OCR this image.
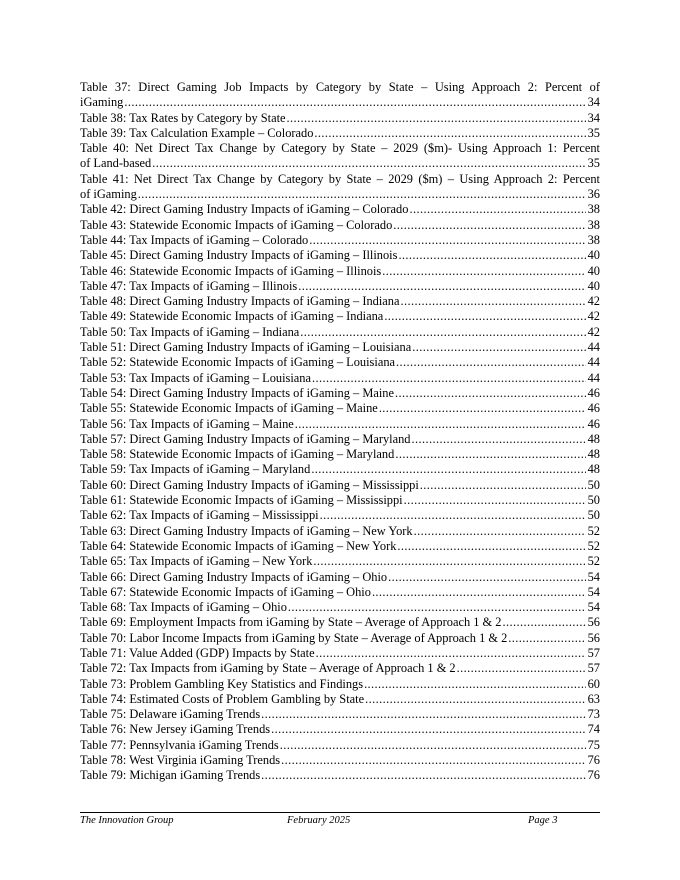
Table 37: Direct Gaming Job Impacts by Category by State – Using Approach 2: Percent of
iGaming .....	34
Table 38: Tax Rates by Category by State .....	34
Table 39: Tax Calculation Example – Colorado .....	35
Table 40: Net Direct Tax Change by Category by State – 2029 ($m)- Using Approach 1: Percent
of Land-based .....	35
Table 41: Net Direct Tax Change by Category by State – 2029 ($m) – Using Approach 2: Percent
of iGaming .....	36
Table 42: Direct Gaming Industry Impacts of iGaming – Colorado .....	38
Table 43: Statewide Economic Impacts of iGaming – Colorado .....	38
Table 44: Tax Impacts of iGaming – Colorado .....	38
Table 45: Direct Gaming Industry Impacts of iGaming – Illinois .....	40
Table 46: Statewide Economic Impacts of iGaming – Illinois .....	40
Table 47: Tax Impacts of iGaming – Illinois .....	40
Table 48: Direct Gaming Industry Impacts of iGaming – Indiana .....	42
Table 49: Statewide Economic Impacts of iGaming – Indiana .....	42
Table 50: Tax Impacts of iGaming – Indiana .....	42
Table 51: Direct Gaming Industry Impacts of iGaming – Louisiana .....	44
Table 52: Statewide Economic Impacts of iGaming – Louisiana .....	44
Table 53: Tax Impacts of iGaming – Louisiana .....	44
Table 54: Direct Gaming Industry Impacts of iGaming – Maine .....	46
Table 55: Statewide Economic Impacts of iGaming – Maine .....	46
Table 56: Tax Impacts of iGaming – Maine .....	46
Table 57: Direct Gaming Industry Impacts of iGaming – Maryland .....	48
Table 58: Statewide Economic Impacts of iGaming – Maryland .....	48
Table 59: Tax Impacts of iGaming – Maryland .....	48
Table 60: Direct Gaming Industry Impacts of iGaming – Mississippi .....	50
Table 61: Statewide Economic Impacts of iGaming – Mississippi .....	50
Table 62: Tax Impacts of iGaming – Mississippi .....	50
Table 63: Direct Gaming Industry Impacts of iGaming – New York .....	52
Table 64: Statewide Economic Impacts of iGaming – New York .....	52
Table 65: Tax Impacts of iGaming – New York .....	52
Table 66: Direct Gaming Industry Impacts of iGaming – Ohio .....	54
Table 67: Statewide Economic Impacts of iGaming – Ohio .....	54
Table 68: Tax Impacts of iGaming – Ohio .....	54
Table 69: Employment Impacts from iGaming by State – Average of Approach 1 & 2 .....	56
Table 70: Labor Income Impacts from iGaming by State – Average of Approach 1 & 2 .....	56
Table 71: Value Added (GDP) Impacts by State .....	57
Table 72: Tax Impacts from iGaming by State – Average of Approach 1 & 2 .....	57
Table 73: Problem Gambling Key Statistics and Findings .....	60
Table 74: Estimated Costs of Problem Gambling by State .....	63
Table 75: Delaware iGaming Trends .....	73
Table 76: New Jersey iGaming Trends .....	74
Table 77: Pennsylvania iGaming Trends .....	75
Table 78: West Virginia iGaming Trends .....	76
Table 79: Michigan iGaming Trends .....	76
The Innovation Group	February 2025	Page 3
